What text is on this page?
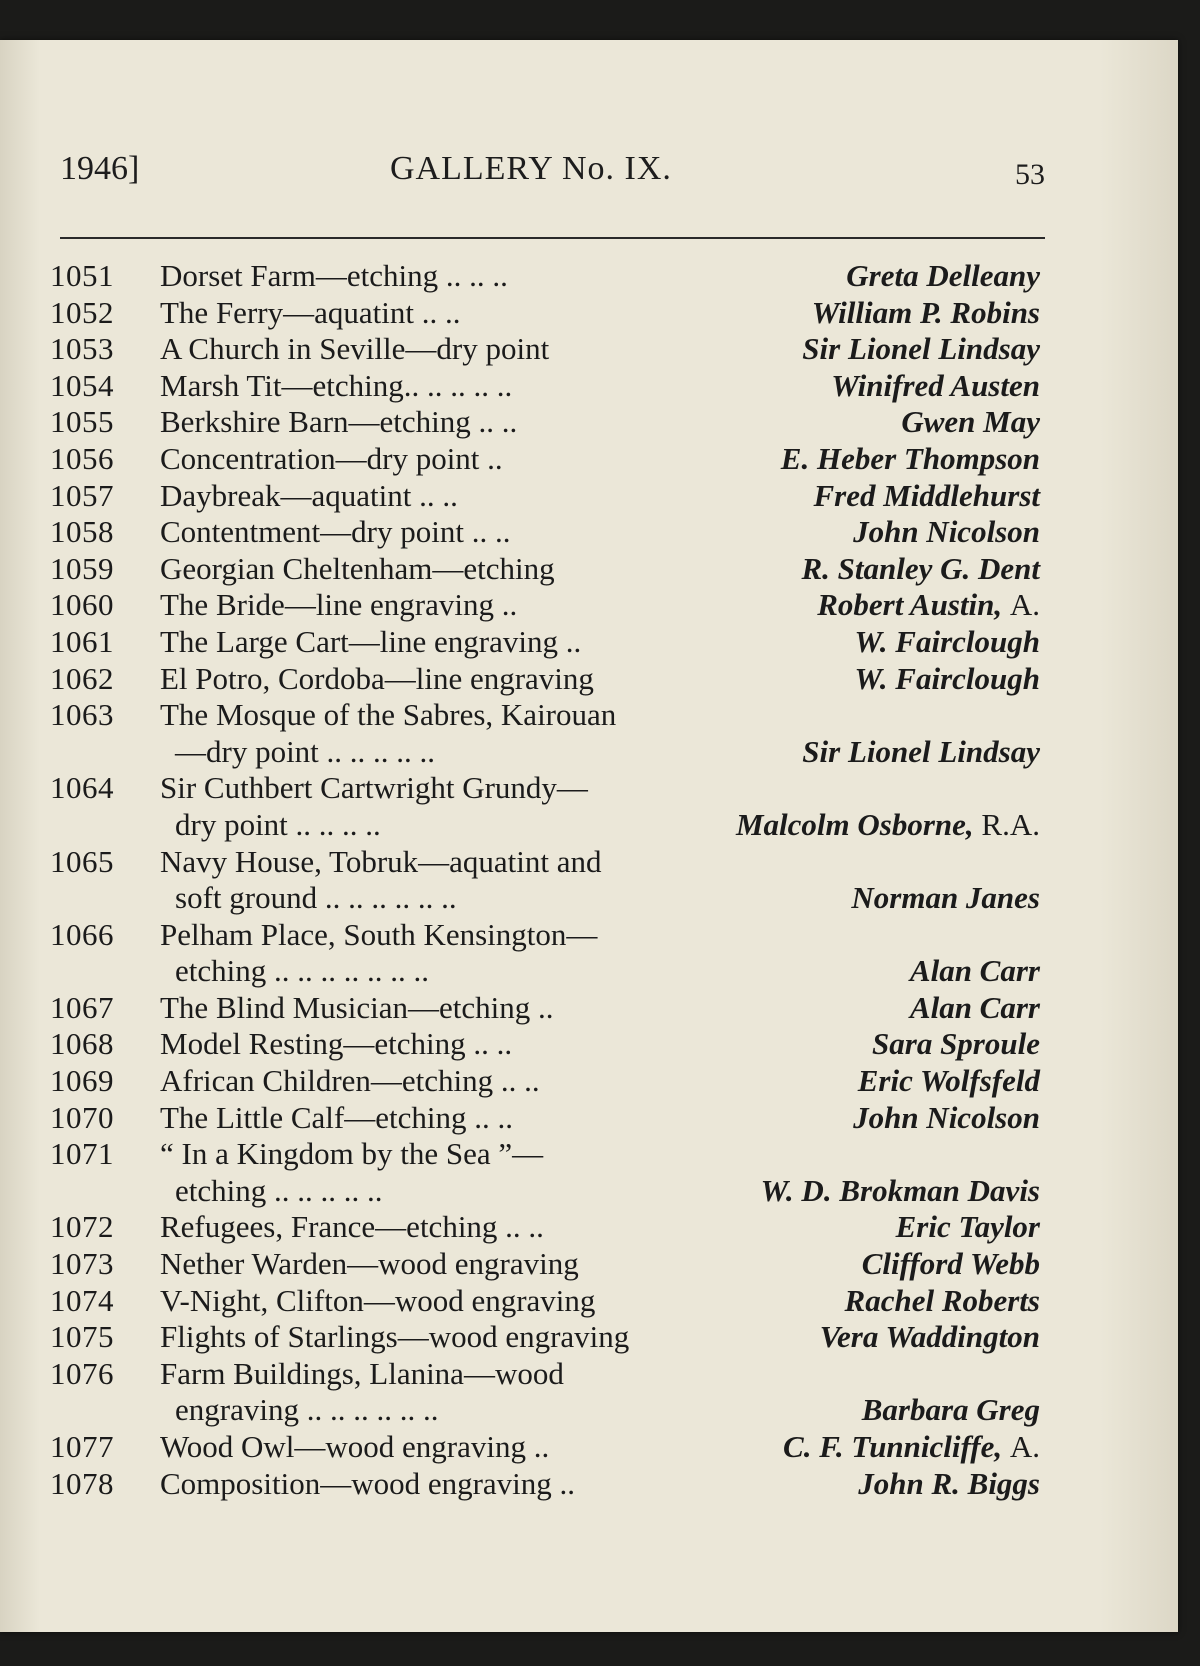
1946]	GALLERY No. IX.	53
1051	Dorset Farm—etching .. .. ..	Greta Delleany
1052	The Ferry—aquatint .. ..	William P. Robins
1053	A Church in Seville—dry point	Sir Lionel Lindsay
1054	Marsh Tit—etching.. .. .. .. ..	Winifred Austen
1055	Berkshire Barn—etching .. ..	Gwen May
1056	Concentration—dry point ..	E. Heber Thompson
1057	Daybreak—aquatint .. ..	Fred Middlehurst
1058	Contentment—dry point .. ..	John Nicolson
1059	Georgian Cheltenham—etching	R. Stanley G. Dent
1060	The Bride—line engraving ..	Robert Austin, A.
1061	The Large Cart—line engraving ..	W. Fairclough
1062	El Potro, Cordoba—line engraving	W. Fairclough
1063	The Mosque of the Sabres, Kairouan
—dry point .. .. .. .. ..	Sir Lionel Lindsay
1064	Sir Cuthbert Cartwright Grundy—
dry point .. .. .. ..	Malcolm Osborne, R.A.
1065	Navy House, Tobruk—aquatint and
soft ground .. .. .. .. .. ..	Norman Janes
1066	Pelham Place, South Kensington—
etching .. .. .. .. .. .. ..	Alan Carr
1067	The Blind Musician—etching ..	Alan Carr
1068	Model Resting—etching .. ..	Sara Sproule
1069	African Children—etching .. ..	Eric Wolfsfeld
1070	The Little Calf—etching .. ..	John Nicolson
1071	“ In a Kingdom by the Sea ”—
etching .. .. .. .. ..	W. D. Brokman Davis
1072	Refugees, France—etching .. ..	Eric Taylor
1073	Nether Warden—wood engraving	Clifford Webb
1074	V-Night, Clifton—wood engraving	Rachel Roberts
1075	Flights of Starlings—wood engraving	Vera Waddington
1076	Farm Buildings, Llanina—wood
engraving .. .. .. .. .. ..	Barbara Greg
1077	Wood Owl—wood engraving ..	C. F. Tunnicliffe, A.
1078	Composition—wood engraving ..	John R. Biggs
